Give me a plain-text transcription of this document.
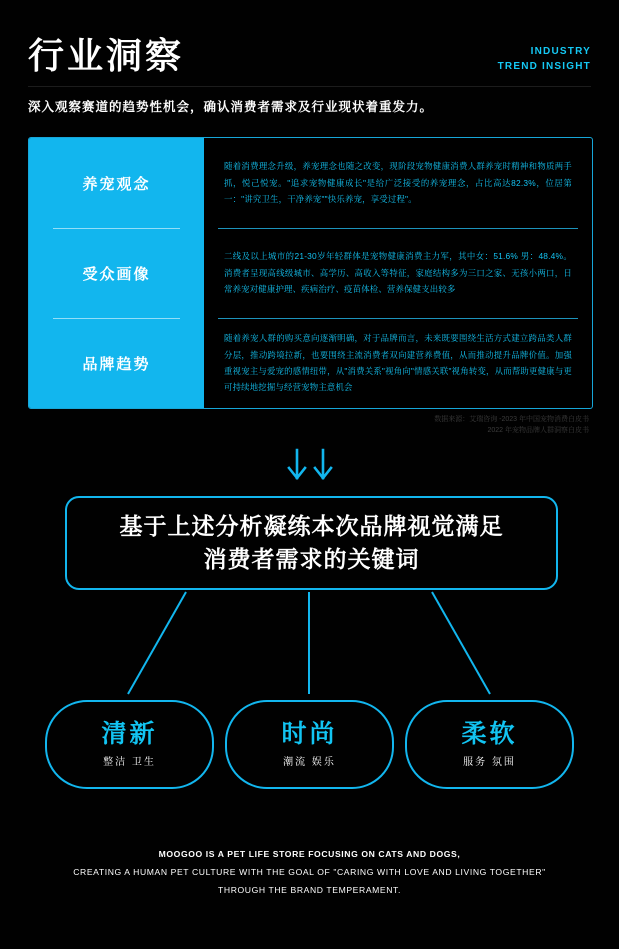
行业洞察	INDUSTRY
TREND INSIGHT
深入观察赛道的趋势性机会，确认消费者需求及行业现状着重发力。
养宠观念
受众画像
品牌趋势

随着消费理念升级，养宠理念也随之改变，现阶段宠物健康消费人群养宠时精神和物质两手抓，悦己悦宠。"追求宠物健康成长"是给广泛接受的养宠理念，占比高达82.3%，位居第一："讲究卫生，干净养宠""快乐养宠，享受过程"。

二线及以上城市的21-30岁年轻群体是宠物健康消费主力军，其中女：51.6% 男：48.4%。消费者呈现高线级城市、高学历、高收入等特征，家庭结构多为三口之家、无孩小两口，日常养宠对健康护理、疾病治疗、疫苗体检、营养保健支出较多

随着养宠人群的购买意向逐渐明确，对于品牌而言，未来既要围绕生活方式建立跨品类人群分层，推动跨境拉新，也要围绕主流消费者双向建营养费值，从而推动提升品牌价值。加强重视宠主与爱宠的感情纽带，从"消费关系"视角向"情感关联"视角转变，从而帮助更健康与更可持续地挖掘与经营宠物主意机会

数据来源：艾瑞咨询 -2023 年中国宠物消费白皮书
2022 年宠物品牌人群洞察白皮书
基于上述分析凝练本次品牌视觉满足
消费者需求的关键词
清新
整洁 卫生
时尚
潮流 娱乐
柔软
服务 氛围
MOOGOO IS A PET LIFE STORE FOCUSING ON CATS AND DOGS,
CREATING A HUMAN PET CULTURE WITH THE GOAL OF "CARING WITH LOVE AND LIVING TOGETHER"
THROUGH THE BRAND TEMPERAMENT.
